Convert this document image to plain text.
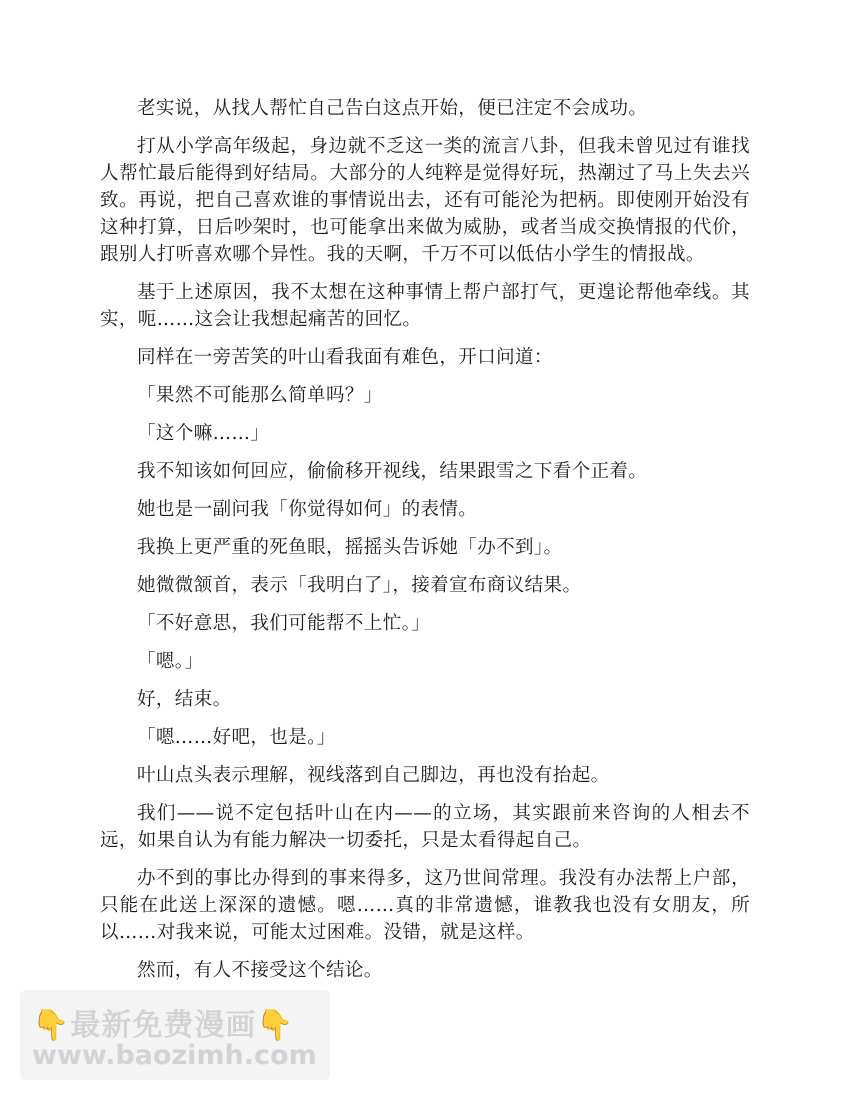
老实说，从找人帮忙自己告白这点开始，便已注定不会成功。

打从小学高年级起，身边就不乏这一类的流言八卦，但我未曾见过有谁找人帮忙最后能得到好结局。大部分的人纯粹是觉得好玩，热潮过了马上失去兴致。再说，把自己喜欢谁的事情说出去，还有可能沦为把柄。即使刚开始没有这种打算，日后吵架时，也可能拿出来做为威胁，或者当成交换情报的代价，跟别人打听喜欢哪个异性。我的天啊，千万不可以低估小学生的情报战。

基于上述原因，我不太想在这种事情上帮户部打气，更遑论帮他牵线。其实，呃……这会让我想起痛苦的回忆。

同样在一旁苦笑的叶山看我面有难色，开口问道：

「果然不可能那么简单吗？」

「这个嘛……」

我不知该如何回应，偷偷移开视线，结果跟雪之下看个正着。

她也是一副问我「你觉得如何」的表情。

我换上更严重的死鱼眼，摇摇头告诉她「办不到」。

她微微颔首，表示「我明白了」，接着宣布商议结果。

「不好意思，我们可能帮不上忙。」

「嗯。」

好，结束。

「嗯……好吧，也是。」

叶山点头表示理解，视线落到自己脚边，再也没有抬起。

我们——说不定包括叶山在内——的立场，其实跟前来咨询的人相去不远，如果自认为有能力解决一切委托，只是太看得起自己。

办不到的事比办得到的事来得多，这乃世间常理。我没有办法帮上户部，只能在此送上深深的遗憾。嗯……真的非常遗憾，谁教我也没有女朋友，所以……对我来说，可能太过困难。没错，就是这样。

然而，有人不接受这个结论。

👇最新免费漫画👇
www.baozimh.com
